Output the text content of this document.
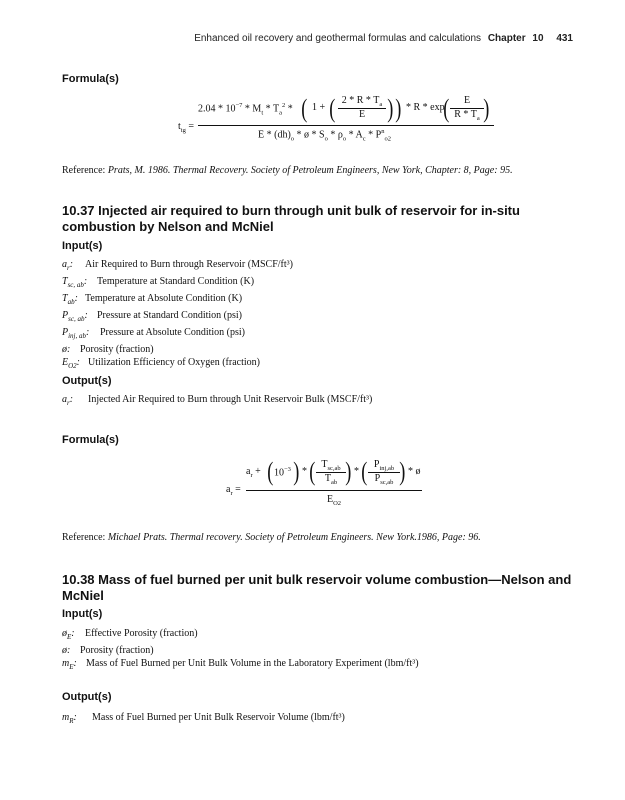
Enhanced oil recovery and geothermal formulas and calculations Chapter 10 431
Formula(s)
$t_{tg}$ =
$2.04 * 10^{-7} * M_t * T_a^2$ * ( 1 + ( 2 * R * $T_a$
E ) ) * R * exp
(	E
R * $T_a$ )
E * $(dh)_o$ * ø * $S_o * \rho_o * A_c * P^n_{o2}$
Reference: Prats, M. 1986. Thermal Recovery. Society of Petroleum Engineers, New York, Chapter: 8, Page: 95.
10.37 Injected air required to burn through unit bulk of reservoir for in-situ combustion by Nelson and McNiel
Input(s)
$a_r$: Air Required to Burn through Reservoir (MSCF/ft³)
$T_{sc, ab}$: Temperature at Standard Condition (K)
$T_{ab}$: Temperature at Absolute Condition (K)
$P_{sc, ab}$: Pressure at Standard Condition (psi)
$P_{inj, ab}$: Pressure at Absolute Condition (psi)
ø: Porosity (fraction)
$E_{O2}$: Utilization Efficiency of Oxygen (fraction)
Output(s)
$a_r$: Injected Air Required to Burn through Unit Reservoir Bulk (MSCF/ft³)
Formula(s)
$a_r$ =
$a_r$ + ( $10^{-3}$ ) * ( $T_{sc,ab}$
$T_{ab}$ ) * ( $P_{inj,ab}$
$P_{sc,ab}$ ) * ø
$E_{O2}$
Reference: Michael Prats. Thermal recovery. Society of Petroleum Engineers. New York.1986, Page: 96.
10.38 Mass of fuel burned per unit bulk reservoir volume combustion—Nelson and McNiel
Input(s)
$ø_E$: Effective Porosity (fraction)
ø: Porosity (fraction)
$m_E$: Mass of Fuel Burned per Unit Bulk Volume in the Laboratory Experiment (lbm/ft³)
Output(s)
$m_R$: Mass of Fuel Burned per Unit Bulk Reservoir Volume (lbm/ft³)
